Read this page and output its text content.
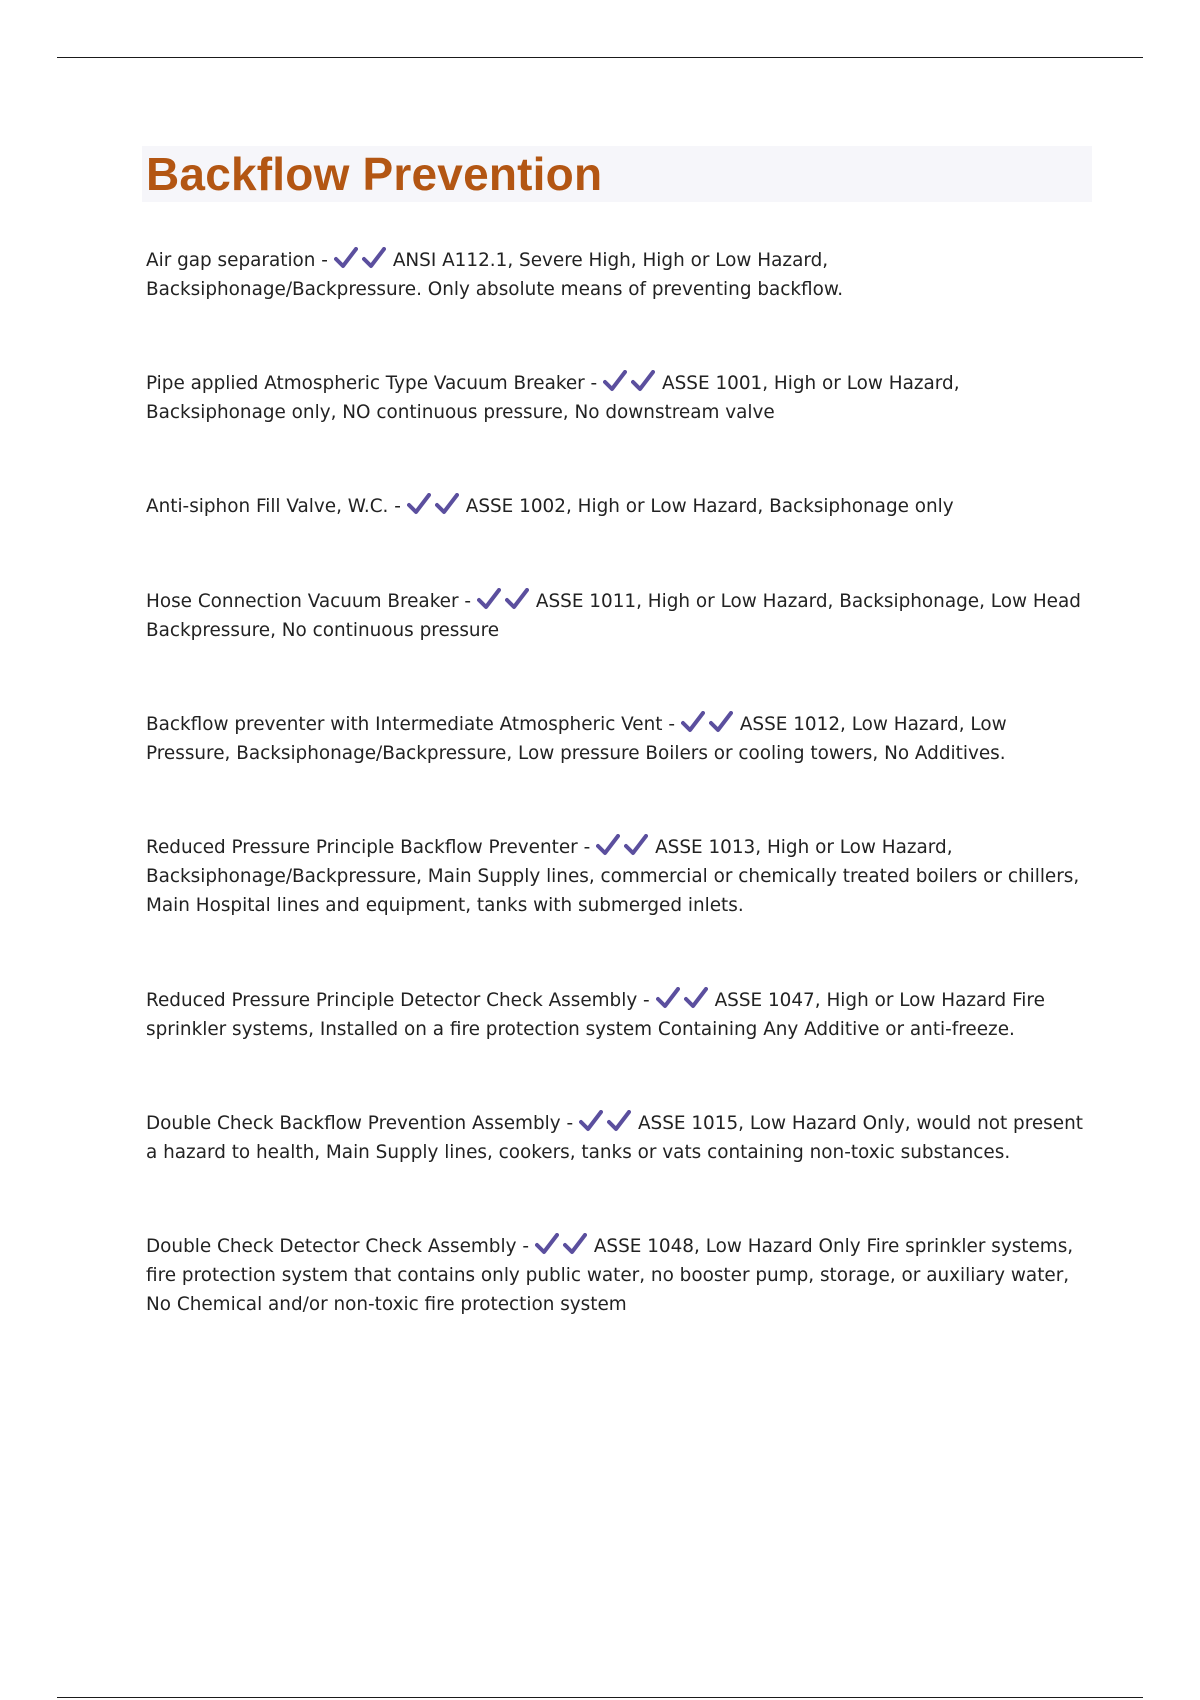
Backflow Prevention

Air gap separation -	ANSI A112.1, Severe High, High or Low Hazard, Backsiphonage/Backpressure. Only absolute means of preventing backflow.

Pipe applied Atmospheric Type Vacuum Breaker -	ASSE 1001, High or Low Hazard, Backsiphonage only, NO continuous pressure, No downstream valve

Anti-siphon Fill Valve, W.C. -	ASSE 1002, High or Low Hazard, Backsiphonage only

Hose Connection Vacuum Breaker -	ASSE 1011, High or Low Hazard, Backsiphonage, Low Head Backpressure, No continuous pressure

Backflow preventer with Intermediate Atmospheric Vent -	ASSE 1012, Low Hazard, Low Pressure, Backsiphonage/Backpressure, Low pressure Boilers or cooling towers, No Additives.

Reduced Pressure Principle Backflow Preventer -	ASSE 1013, High or Low Hazard, Backsiphonage/Backpressure, Main Supply lines, commercial or chemically treated boilers or chillers, Main Hospital lines and equipment, tanks with submerged inlets.

Reduced Pressure Principle Detector Check Assembly -	ASSE 1047, High or Low Hazard Fire sprinkler systems, Installed on a fire protection system Containing Any Additive or anti-freeze.

Double Check Backflow Prevention Assembly -	ASSE 1015, Low Hazard Only, would not present a hazard to health, Main Supply lines, cookers, tanks or vats containing non-toxic substances.

Double Check Detector Check Assembly -	ASSE 1048, Low Hazard Only Fire sprinkler systems, fire protection system that contains only public water, no booster pump, storage, or auxiliary water, No Chemical and/or non-toxic fire protection system
